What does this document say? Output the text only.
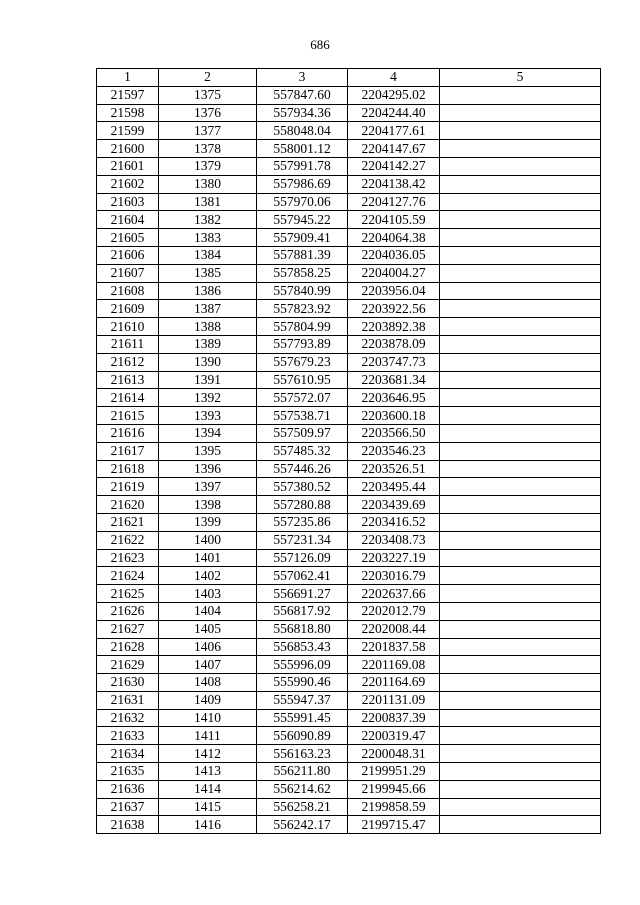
686
1	2	3	4	5
21597	1375	557847.60	2204295.02	
21598	1376	557934.36	2204244.40	
21599	1377	558048.04	2204177.61	
21600	1378	558001.12	2204147.67	
21601	1379	557991.78	2204142.27	
21602	1380	557986.69	2204138.42	
21603	1381	557970.06	2204127.76	
21604	1382	557945.22	2204105.59	
21605	1383	557909.41	2204064.38	
21606	1384	557881.39	2204036.05	
21607	1385	557858.25	2204004.27	
21608	1386	557840.99	2203956.04	
21609	1387	557823.92	2203922.56	
21610	1388	557804.99	2203892.38	
21611	1389	557793.89	2203878.09	
21612	1390	557679.23	2203747.73	
21613	1391	557610.95	2203681.34	
21614	1392	557572.07	2203646.95	
21615	1393	557538.71	2203600.18	
21616	1394	557509.97	2203566.50	
21617	1395	557485.32	2203546.23	
21618	1396	557446.26	2203526.51	
21619	1397	557380.52	2203495.44	
21620	1398	557280.88	2203439.69	
21621	1399	557235.86	2203416.52	
21622	1400	557231.34	2203408.73	
21623	1401	557126.09	2203227.19	
21624	1402	557062.41	2203016.79	
21625	1403	556691.27	2202637.66	
21626	1404	556817.92	2202012.79	
21627	1405	556818.80	2202008.44	
21628	1406	556853.43	2201837.58	
21629	1407	555996.09	2201169.08	
21630	1408	555990.46	2201164.69	
21631	1409	555947.37	2201131.09	
21632	1410	555991.45	2200837.39	
21633	1411	556090.89	2200319.47	
21634	1412	556163.23	2200048.31	
21635	1413	556211.80	2199951.29	
21636	1414	556214.62	2199945.66	
21637	1415	556258.21	2199858.59	
21638	1416	556242.17	2199715.47	
